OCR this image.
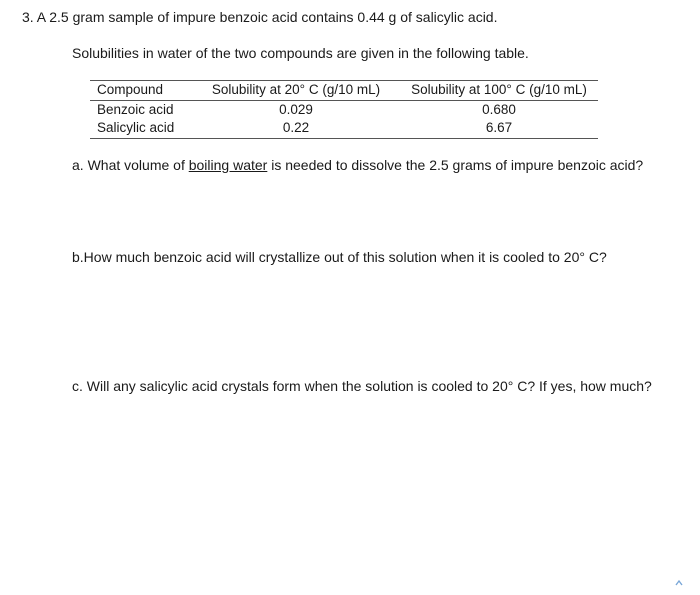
3. A 2.5 gram sample of impure benzoic acid contains 0.44 g of salicylic acid.
Solubilities in water of the two compounds are given in the following table.
Compound	Solubility at 20° C (g/10 mL)	Solubility at 100° C (g/10 mL)
Benzoic acid	0.029	0.680
Salicylic acid	0.22	6.67
a. What volume of boiling water is needed to dissolve the 2.5 grams of impure benzoic acid?
b.How much benzoic acid will crystallize out of this solution when it is cooled to 20° C?
c. Will any salicylic acid crystals form when the solution is cooled to 20° C? If yes, how much?
